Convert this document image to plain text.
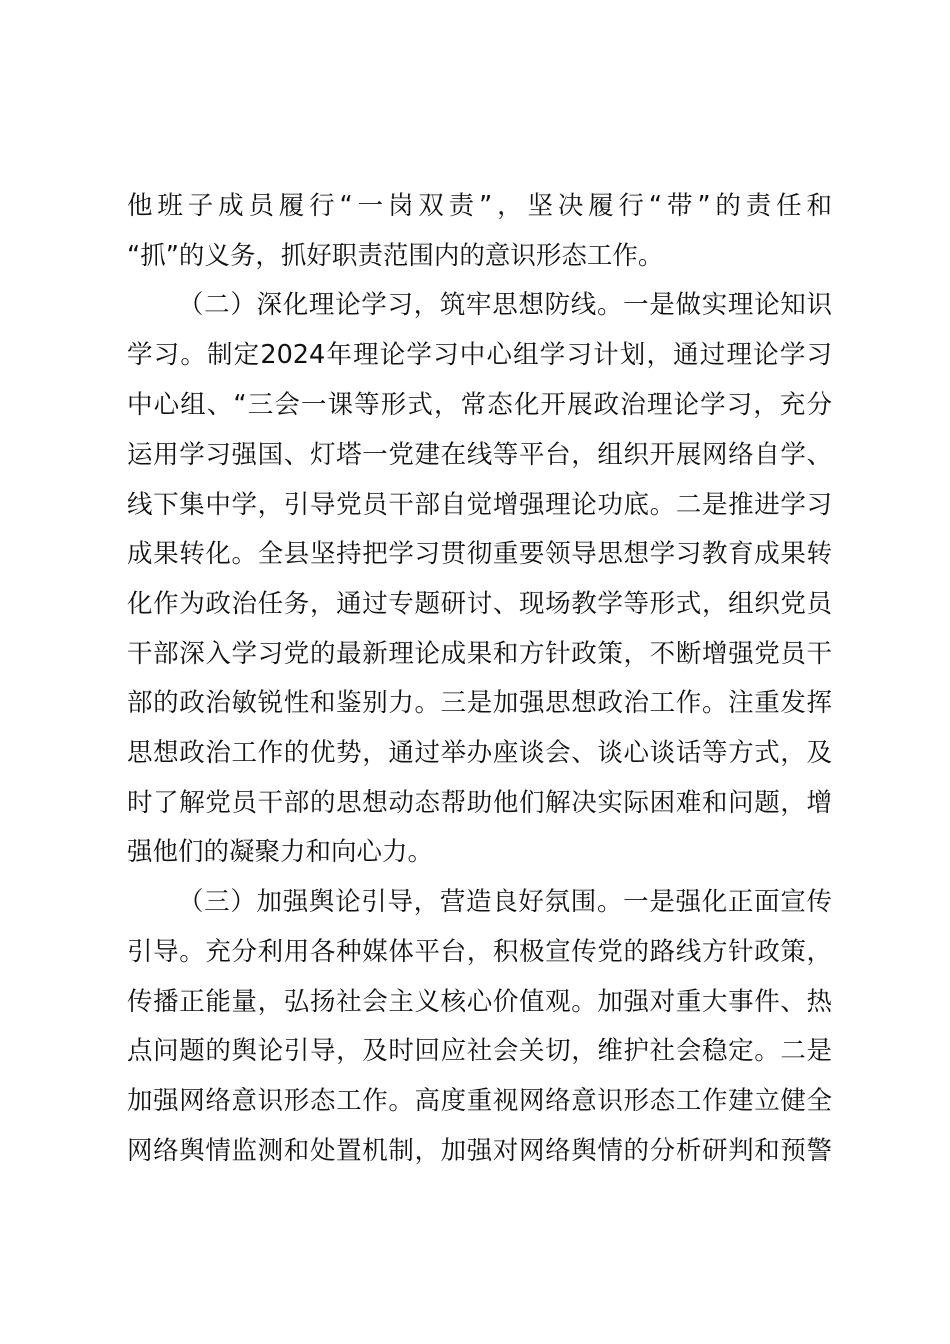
他班子成员履行“一岗双责”，坚决履行“带”的责任和
“抓”的义务，抓好职责范围内的意识形态工作。
（二）深化理论学习，筑牢思想防线。一是做实理论知识
学习。制定2024年理论学习中心组学习计划，通过理论学习
中心组、“三会一课等形式，常态化开展政治理论学习，充分
运用学习强国、灯塔一党建在线等平台，组织开展网络自学、
线下集中学，引导党员干部自觉增强理论功底。二是推进学习
成果转化。全县坚持把学习贯彻重要领导思想学习教育成果转
化作为政治任务，通过专题研讨、现场教学等形式，组织党员
干部深入学习党的最新理论成果和方针政策，不断增强党员干
部的政治敏锐性和鉴别力。三是加强思想政治工作。注重发挥
思想政治工作的优势，通过举办座谈会、谈心谈话等方式，及
时了解党员干部的思想动态帮助他们解决实际困难和问题，增
强他们的凝聚力和向心力。
（三）加强舆论引导，营造良好氛围。一是强化正面宣传
引导。充分利用各种媒体平台，积极宣传党的路线方针政策，
传播正能量，弘扬社会主义核心价值观。加强对重大事件、热
点问题的舆论引导，及时回应社会关切，维护社会稳定。二是
加强网络意识形态工作。高度重视网络意识形态工作建立健全
网络舆情监测和处置机制，加强对网络舆情的分析研判和预警
